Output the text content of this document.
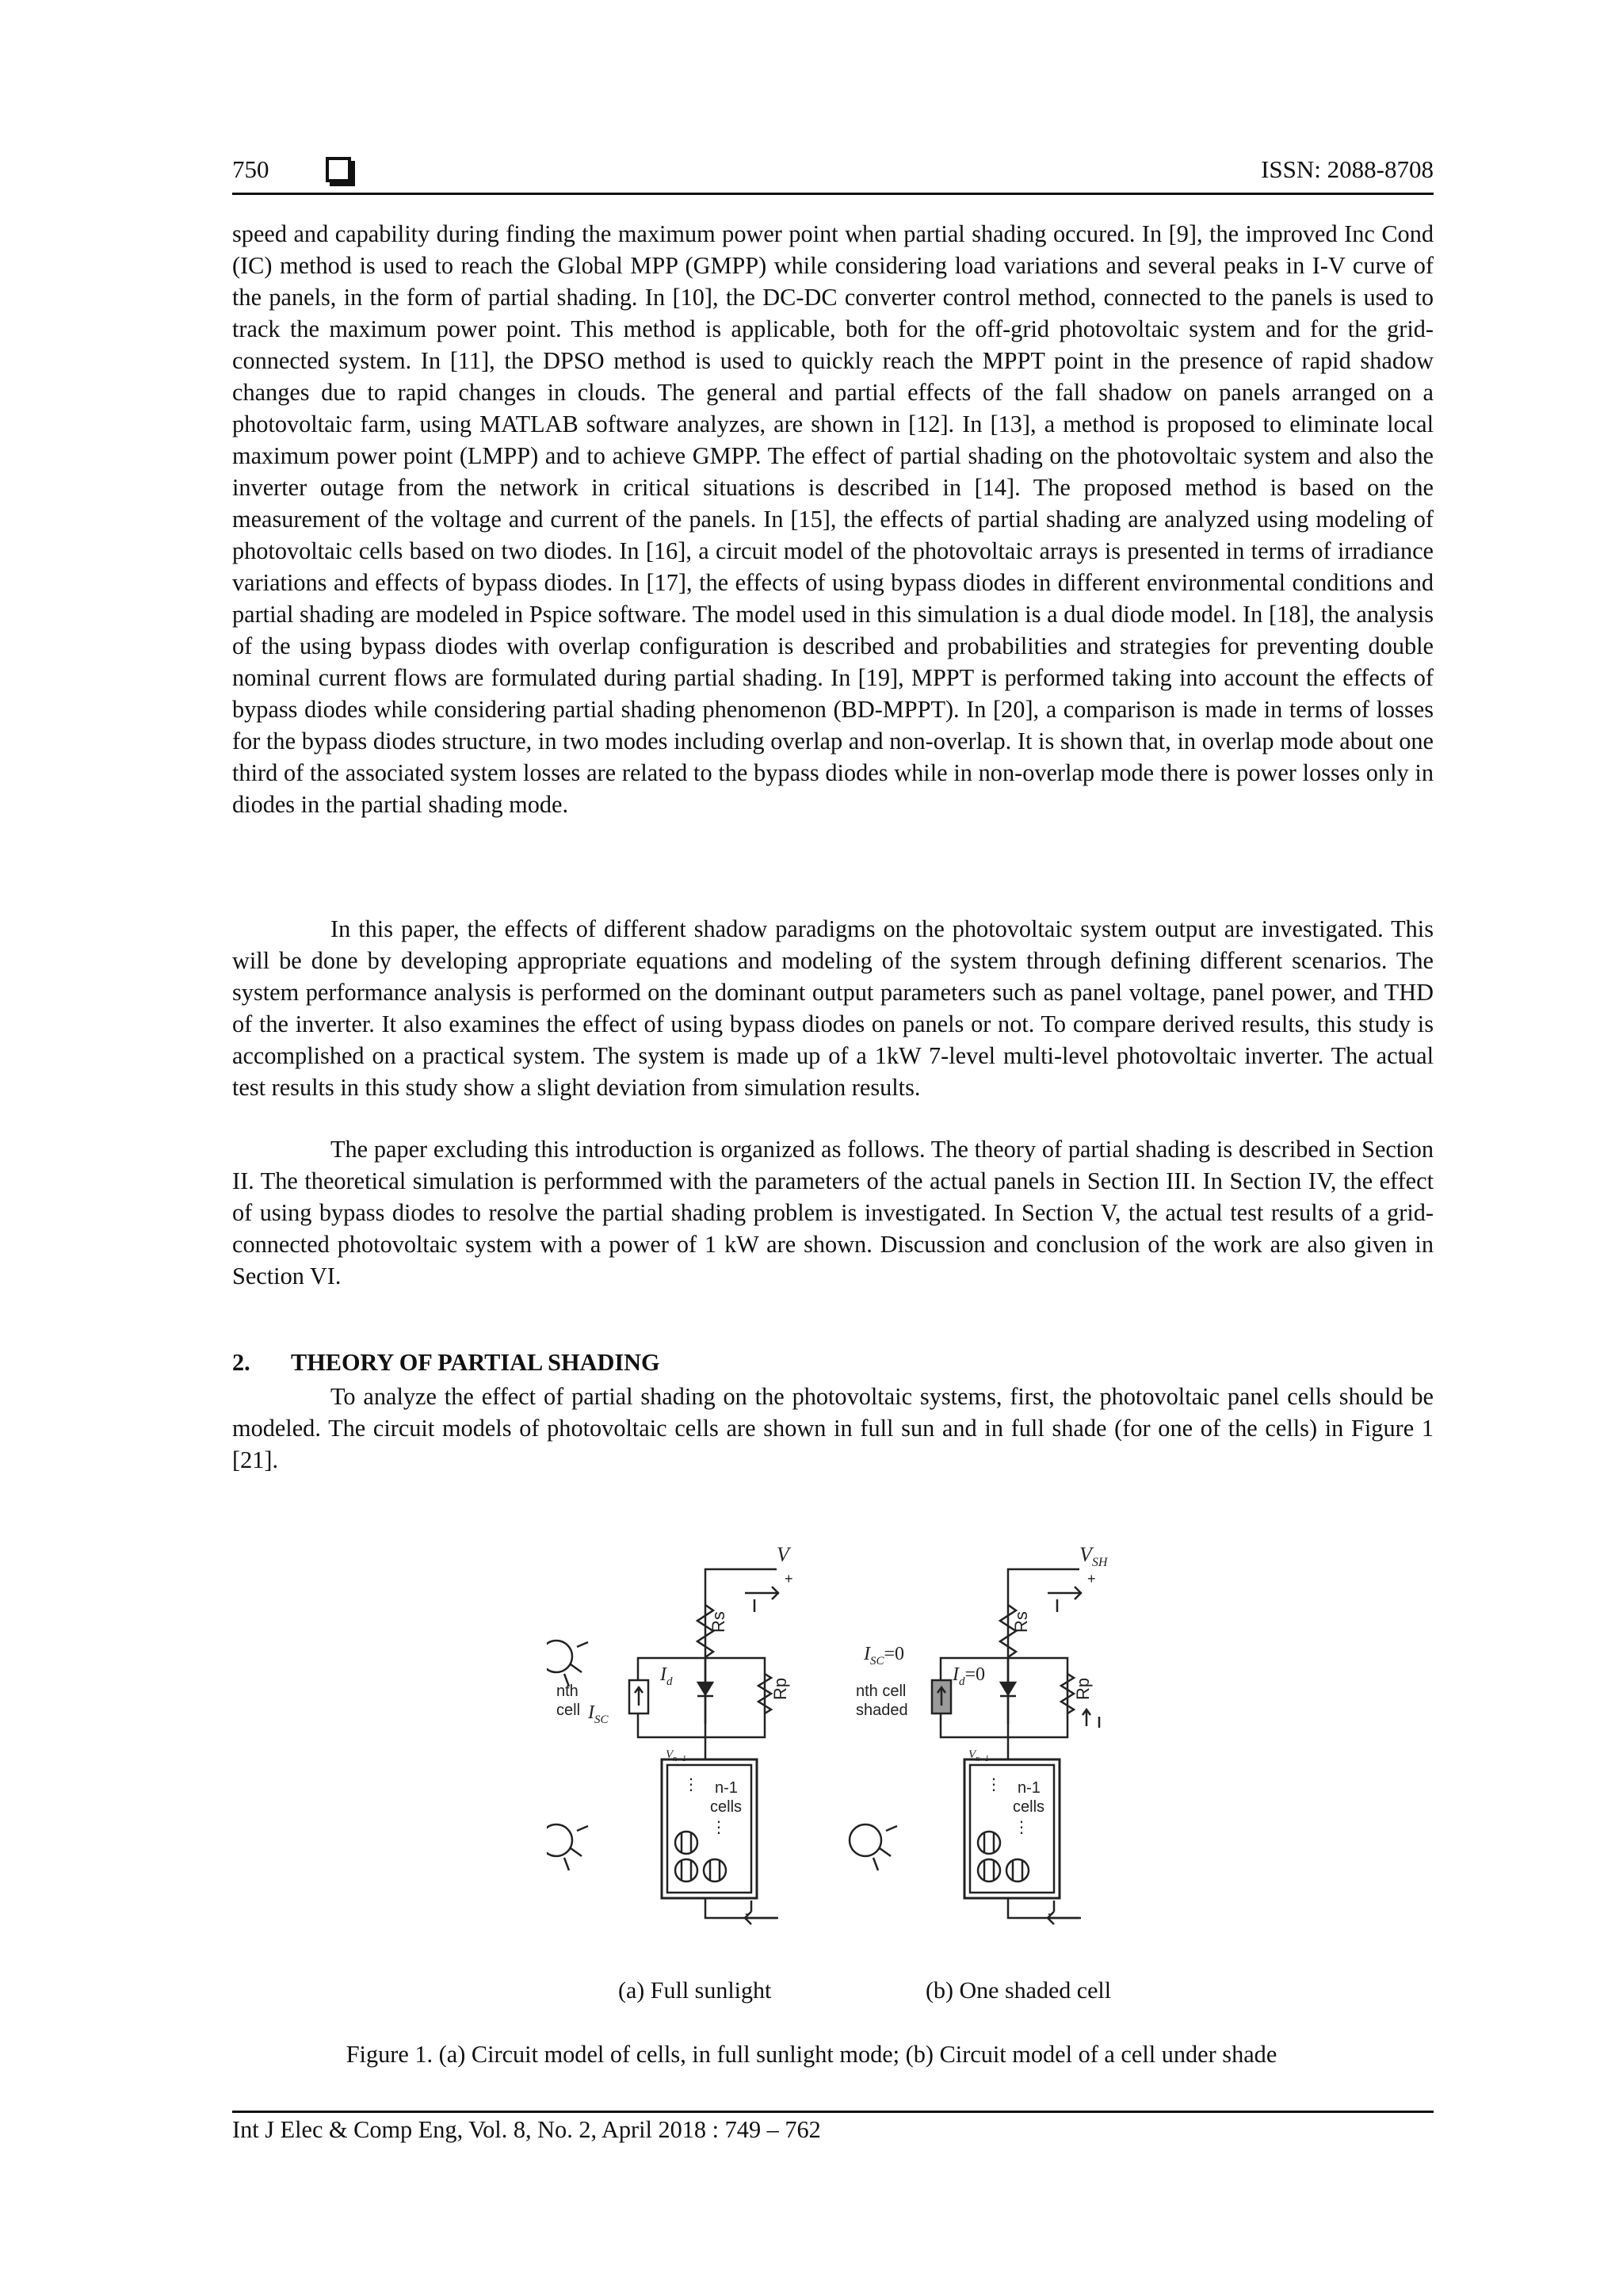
750	ISSN: 2088-8708

speed and capability during finding the maximum power point when partial shading occured. In [9], the improved Inc Cond (IC) method is used to reach the Global MPP (GMPP) while considering load variations and several peaks in I-V curve of the panels, in the form of partial shading. In [10], the DC-DC converter control method, connected to the panels is used to track the maximum power point. This method is applicable, both for the off-grid photovoltaic system and for the grid-connected system. In [11], the DPSO method is used to quickly reach the MPPT point in the presence of rapid shadow changes due to rapid changes in clouds. The general and partial effects of the fall shadow on panels arranged on a photovoltaic farm, using MATLAB software analyzes, are shown in [12]. In [13], a method is proposed to eliminate local maximum power point (LMPP) and to achieve GMPP. The effect of partial shading on the photovoltaic system and also the inverter outage from the network in critical situations is described in [14]. The proposed method is based on the measurement of the voltage and current of the panels. In [15], the effects of partial shading are analyzed using modeling of photovoltaic cells based on two diodes. In [16], a circuit model of the photovoltaic arrays is presented in terms of irradiance variations and effects of bypass diodes. In [17], the effects of using bypass diodes in different environmental conditions and partial shading are modeled in Pspice software. The model used in this simulation is a dual diode model. In [18], the analysis of the using bypass diodes with overlap configuration is described and probabilities and strategies for preventing double nominal current flows are formulated during partial shading. In [19], MPPT is performed taking into account the effects of bypass diodes while considering partial shading phenomenon (BD-MPPT). In [20], a comparison is made in terms of losses for the bypass diodes structure, in two modes including overlap and non-overlap. It is shown that, in overlap mode about one third of the associated system losses are related to the bypass diodes while in non-overlap mode there is power losses only in diodes in the partial shading mode.

In this paper, the effects of different shadow paradigms on the photovoltaic system output are investigated. This will be done by developing appropriate equations and modeling of the system through defining different scenarios. The system performance analysis is performed on the dominant output parameters such as panel voltage, panel power, and THD of the inverter. It also examines the effect of using bypass diodes on panels or not. To compare derived results, this study is accomplished on a practical system. The system is made up of a 1kW 7-level multi-level photovoltaic inverter. The actual test results in this study show a slight deviation from simulation results.

The paper excluding this introduction is organized as follows. The theory of partial shading is described in Section II. The theoretical simulation is performmed with the parameters of the actual panels in Section III. In Section IV, the effect of using bypass diodes to resolve the partial shading problem is investigated. In Section V, the actual test results of a grid-connected photovoltaic system with a power of 1 kW are shown. Discussion and conclusion of the work are also given in Section VI.

2. THEORY OF PARTIAL SHADING

To analyze the effect of partial shading on the photovoltaic systems, first, the photovoltaic panel cells should be modeled. The circuit models of photovoltaic cells are shown in full sun and in full shade (for one of the cells) in Figure 1 [21].

V
+
-
Rs
Rp
nth
cell $I_{SC}$
$I_d$
$V_{n-1}$
⋮ n-1
cells
⋮
$V_{SH}$
+
-
Rs
Rp
nth cell
shaded
$I_{SC}=0$
$I_d=0$
$V_{n-1}$
⋮ n-1
cells
⋮
(a) Full sunlight	(b) One shaded cell
Figure 1. (a) Circuit model of cells, in full sunlight mode; (b) Circuit model of a cell under shade
Int J Elec & Comp Eng, Vol. 8, No. 2, April 2018 : 749 – 762
